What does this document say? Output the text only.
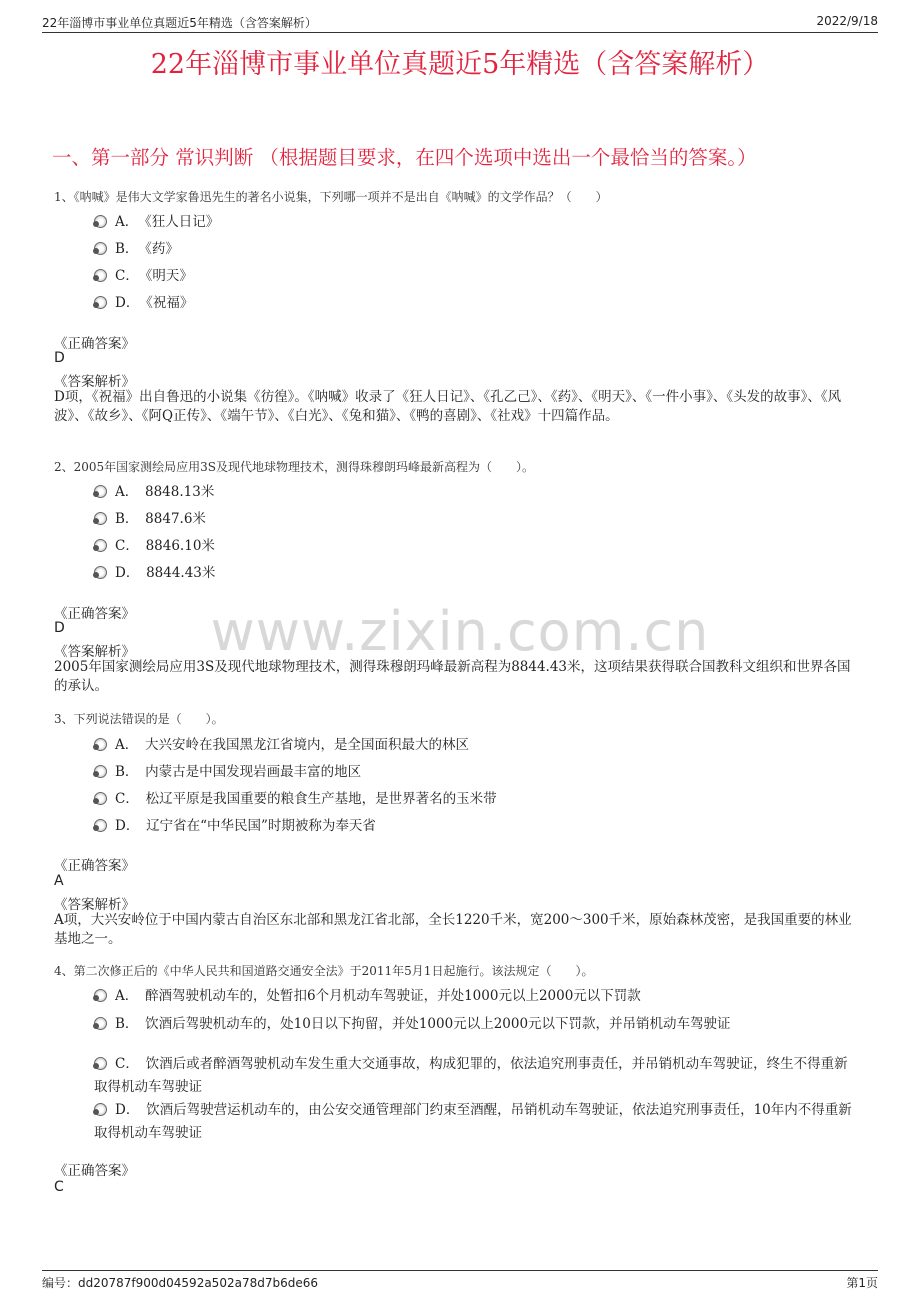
22年淄博市事业单位真题近5年精选（含答案解析）	2022/9/18
22年淄博市事业单位真题近5年精选（含答案解析）
一、第一部分 常识判断 （根据题目要求，在四个选项中选出一个最恰当的答案。）
www.zixin.com.cn
1、《呐喊》是伟大文学家鲁迅先生的著名小说集，下列哪一项并不是出自《呐喊》的文学作品？（　　）
A．　《狂人日记》
B．　《药》
C．　《明天》
D．　《祝福》
《正确答案》
D
《答案解析》
D项，《祝福》出自鲁迅的小说集《彷徨》。《呐喊》收录了《狂人日记》、《孔乙己》、《药》、《明天》、《一件小事》、《头发的故事》、《风波》、《故乡》、《阿Q正传》、《端午节》、《白光》、《兔和猫》、《鸭的喜剧》、《社戏》十四篇作品。
2、2005年国家测绘局应用3S及现代地球物理技术，测得珠穆朗玛峰最新高程为（　　）。
A．　8848.13米
B．　8847.6米
C．　8846.10米
D．　8844.43米
《正确答案》
D
《答案解析》
2005年国家测绘局应用3S及现代地球物理技术，测得珠穆朗玛峰最新高程为8844.43米，这项结果获得联合国教科文组织和世界各国的承认。
3、下列说法错误的是（　　）。
A．　大兴安岭在我国黑龙江省境内，是全国面积最大的林区
B．　内蒙古是中国发现岩画最丰富的地区
C．　松辽平原是我国重要的粮食生产基地，是世界著名的玉米带
D．　辽宁省在“中华民国”时期被称为奉天省
《正确答案》
A
《答案解析》
A项，大兴安岭位于中国内蒙古自治区东北部和黑龙江省北部，全长1220千米，宽200～300千米，原始森林茂密，是我国重要的林业基地之一。
4、第二次修正后的《中华人民共和国道路交通安全法》于2011年5月1日起施行。该法规定（　　）。
A．　醉酒驾驶机动车的，处暂扣6个月机动车驾驶证，并处1000元以上2000元以下罚款
B．　饮酒后驾驶机动车的，处10日以下拘留，并处1000元以上2000元以下罚款，并吊销机动车驾驶证
C．　饮酒后或者醉酒驾驶机动车发生重大交通事故，构成犯罪的，依法追究刑事责任，并吊销机动车驾驶证，终生不得重新取得机动车驾驶证
D．　饮酒后驾驶营运机动车的，由公安交通管理部门约束至酒醒，吊销机动车驾驶证，依法追究刑事责任，10年内不得重新取得机动车驾驶证
《正确答案》
C
编号：dd20787f900d04592a502a78d7b6de66	第1页
